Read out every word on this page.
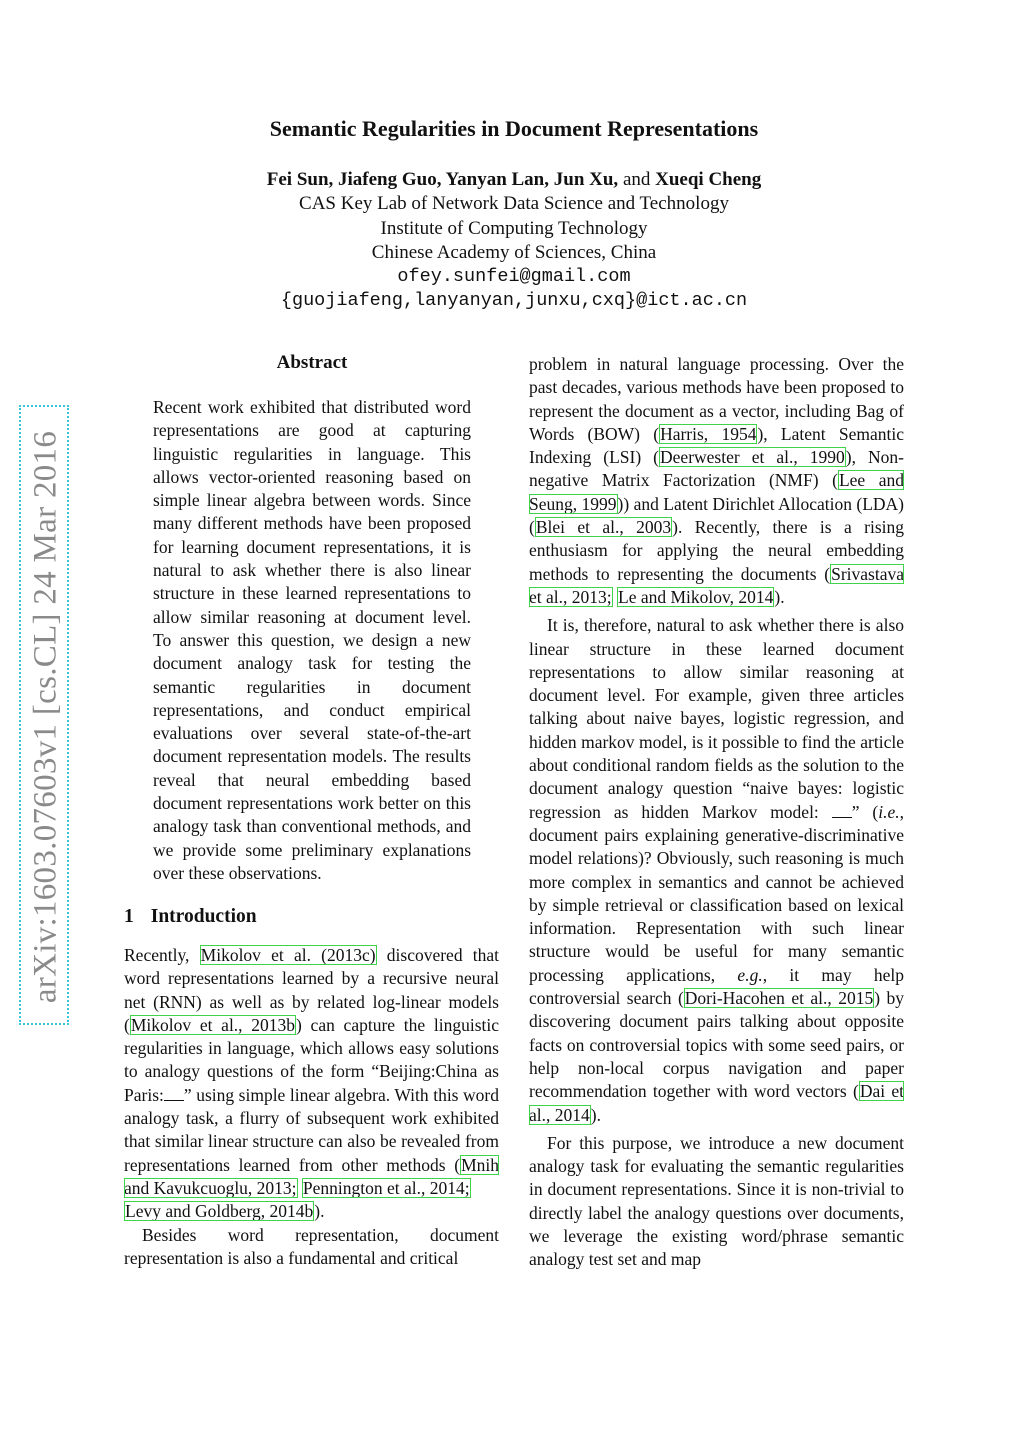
arXiv:1603.07603v1 [cs.CL] 24 Mar 2016
Semantic Regularities in Document Representations
Fei Sun, Jiafeng Guo, Yanyan Lan, Jun Xu, and Xueqi Cheng
CAS Key Lab of Network Data Science and Technology
Institute of Computing Technology
Chinese Academy of Sciences, China
ofey.sunfei@gmail.com
{guojiafeng,lanyanyan,junxu,cxq}@ict.ac.cn
Abstract

Recent work exhibited that distributed word representations are good at capturing linguistic regularities in language. This allows vector-oriented reasoning based on simple linear algebra between words. Since many different methods have been proposed for learning document representations, it is natural to ask whether there is also linear structure in these learned representations to allow similar reasoning at document level. To answer this question, we design a new document analogy task for testing the semantic regularities in document representations, and conduct empirical evaluations over several state-of-the-art document representation models. The results reveal that neural embedding based document representations work better on this analogy task than conventional methods, and we provide some preliminary explanations over these observations.

1 Introduction

Recently, Mikolov et al. (2013c) discovered that word representations learned by a recursive neural net (RNN) as well as by related log-linear models (Mikolov et al., 2013b) can capture the linguistic regularities in language, which allows easy solutions to analogy questions of the form “Beijing:China as Paris: ” using simple linear algebra. With this word analogy task, a flurry of subsequent work exhibited that similar linear structure can also be revealed from representations learned from other methods (Mnih and Kavukcuoglu, 2013; Pennington et al., 2014;
Levy and Goldberg, 2014b).

Besides word representation, document representation is also a fundamental and critical

problem in natural language processing. Over the past decades, various methods have been proposed to represent the document as a vector, including Bag of Words (BOW) (Harris, 1954), Latent Semantic Indexing (LSI) (Deerwester et al., 1990), Non-negative Matrix Factorization (NMF) (Lee and Seung, 1999)) and Latent Dirichlet Allocation (LDA) (Blei et al., 2003). Recently, there is a rising enthusiasm for applying the neural embedding methods to representing the documents (Srivastava et al., 2013; Le and Mikolov, 2014).

It is, therefore, natural to ask whether there is also linear structure in these learned document representations to allow similar reasoning at document level. For example, given three articles talking about naive bayes, logistic regression, and hidden markov model, is it possible to find the article about conditional random fields as the solution to the document analogy question “naive bayes: logistic regression as hidden Markov model: ” (i.e., document pairs explaining generative-discriminative model relations)? Obviously, such reasoning is much more complex in semantics and cannot be achieved by simple retrieval or classification based on lexical information. Representation with such linear structure would be useful for many semantic processing applications, e.g., it may help controversial search (Dori-Hacohen et al., 2015) by discovering document pairs talking about opposite facts on controversial topics with some seed pairs, or help non-local corpus navigation and paper recommendation together with word vectors (Dai et al., 2014).

For this purpose, we introduce a new document analogy task for evaluating the semantic regularities in document representations. Since it is non-trivial to directly label the analogy questions over documents, we leverage the existing word/phrase semantic analogy test set and map
